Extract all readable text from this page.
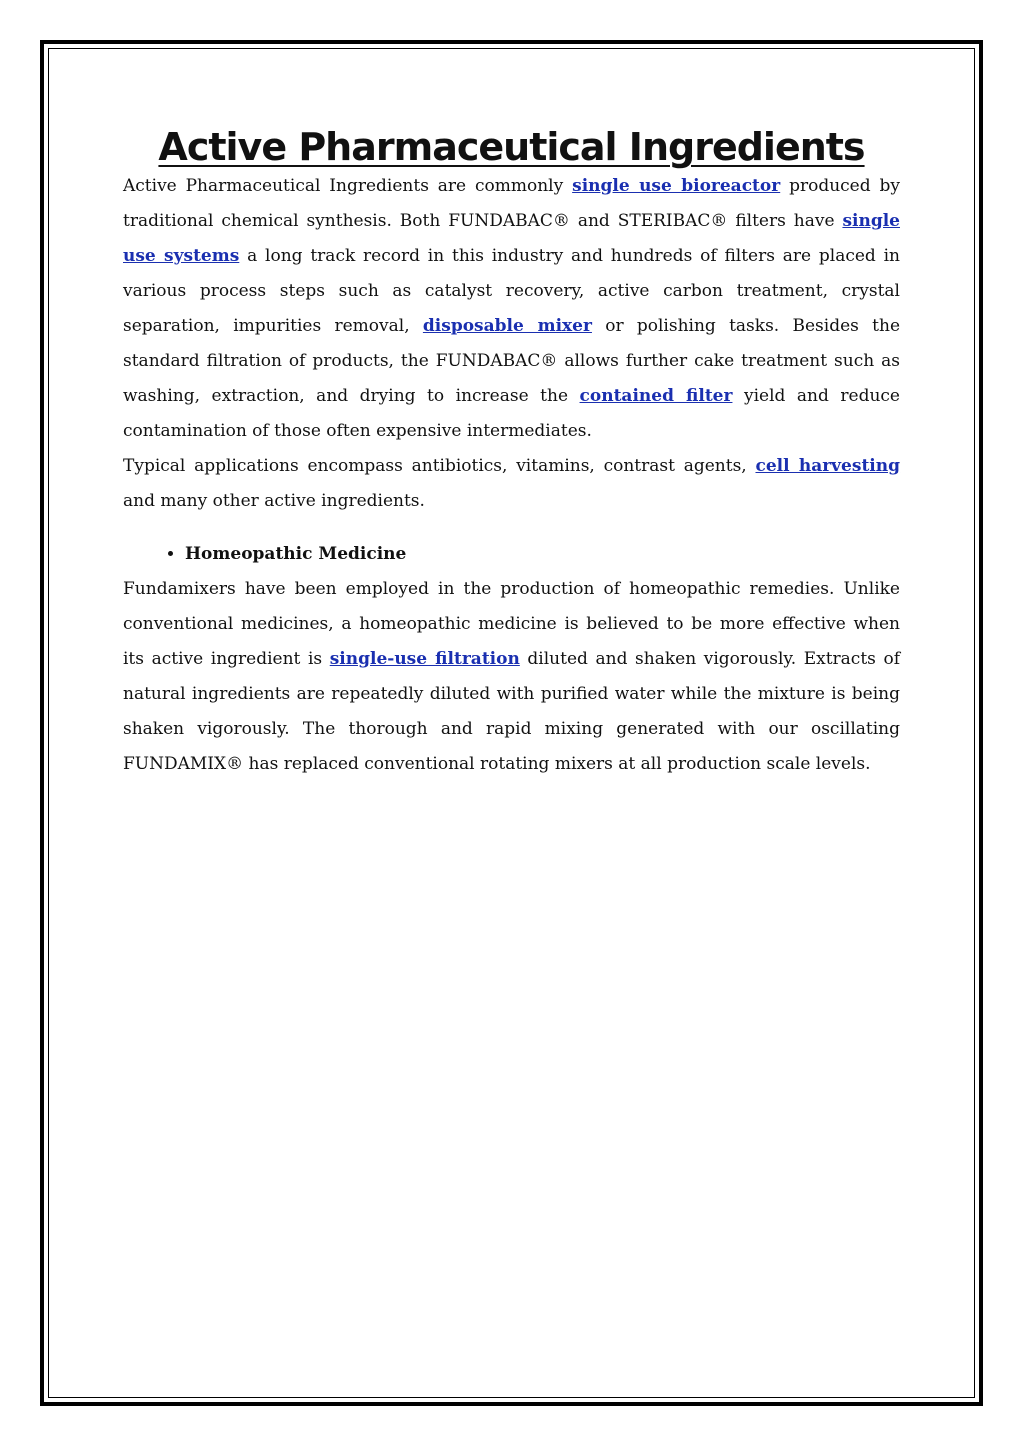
Active Pharmaceutical Ingredients

Active Pharmaceutical Ingredients are commonly single use bioreactor produced by traditional chemical synthesis. Both FUNDABAC® and STERIBAC® filters have single use systems a long track record in this industry and hundreds of filters are placed in various process steps such as catalyst recovery, active carbon treatment, crystal separation, impurities removal, disposable mixer or polishing tasks. Besides the standard filtration of products, the FUNDABAC® allows further cake treatment such as washing, extraction, and drying to increase the contained filter yield and reduce contamination of those often expensive intermediates.

Typical applications encompass antibiotics, vitamins, contrast agents, cell harvesting and many other active ingredients.

• Homeopathic Medicine

Fundamixers have been employed in the production of homeopathic remedies. Unlike conventional medicines, a homeopathic medicine is believed to be more effective when its active ingredient is single-use filtration diluted and shaken vigorously. Extracts of natural ingredients are repeatedly diluted with purified water while the mixture is being shaken vigorously. The thorough and rapid mixing generated with our oscillating FUNDAMIX® has replaced conventional rotating mixers at all production scale levels.
